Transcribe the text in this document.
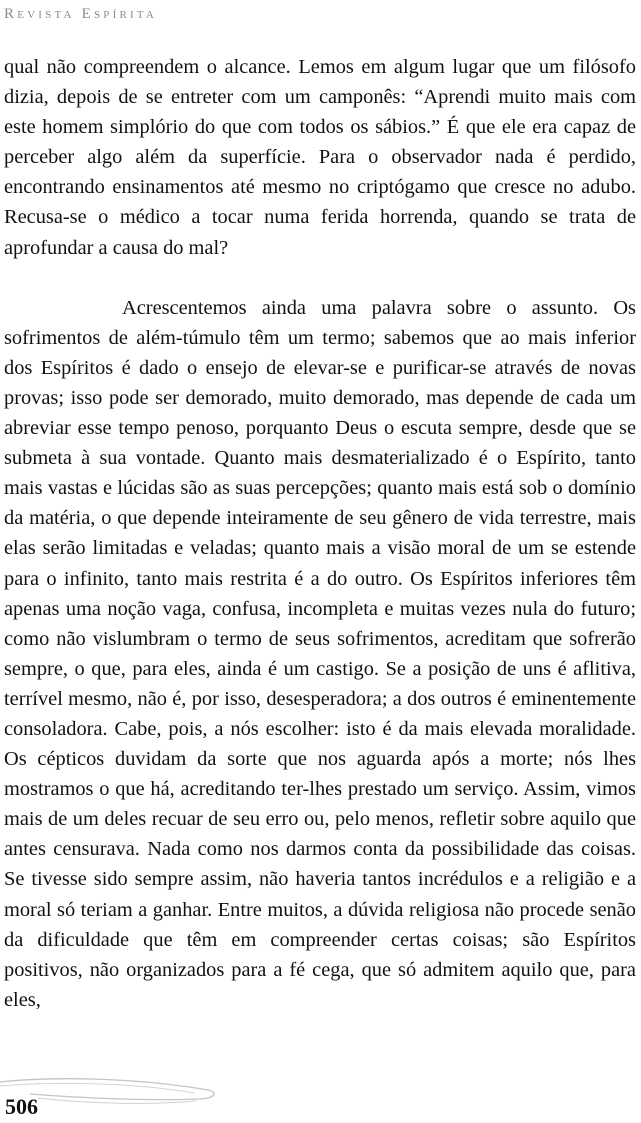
Revista Espírita

qual não compreendem o alcance. Lemos em algum lugar que um filósofo dizia, depois de se entreter com um camponês: “Aprendi muito mais com este homem simplório do que com todos os sábios.” É que ele era capaz de perceber algo além da superfície. Para o observador nada é perdido, encontrando ensinamentos até mesmo no criptógamo que cresce no adubo. Recusa-se o médico a tocar numa ferida horrenda, quando se trata de aprofundar a causa do mal?

Acrescentemos ainda uma palavra sobre o assunto. Os sofrimentos de além-túmulo têm um termo; sabemos que ao mais inferior dos Espíritos é dado o ensejo de elevar-se e purificar-se através de novas provas; isso pode ser demorado, muito demorado, mas depende de cada um abreviar esse tempo penoso, porquanto Deus o escuta sempre, desde que se submeta à sua vontade. Quanto mais desmaterializado é o Espírito, tanto mais vastas e lúcidas são as suas percepções; quanto mais está sob o domínio da matéria, o que depende inteiramente de seu gênero de vida terrestre, mais elas serão limitadas e veladas; quanto mais a visão moral de um se estende para o infinito, tanto mais restrita é a do outro. Os Espíritos inferiores têm apenas uma noção vaga, confusa, incompleta e muitas vezes nula do futuro; como não vislumbram o termo de seus sofrimentos, acreditam que sofrerão sempre, o que, para eles, ainda é um castigo. Se a posição de uns é aflitiva, terrível mesmo, não é, por isso, desesperadora; a dos outros é eminentemente consoladora. Cabe, pois, a nós escolher: isto é da mais elevada moralidade. Os cépticos duvidam da sorte que nos aguarda após a morte; nós lhes mostramos o que há, acreditando ter-lhes prestado um serviço. Assim, vimos mais de um deles recuar de seu erro ou, pelo menos, refletir sobre aquilo que antes censurava. Nada como nos darmos conta da possibilidade das coisas. Se tivesse sido sempre assim, não haveria tantos incrédulos e a religião e a moral só teriam a ganhar. Entre muitos, a dúvida religiosa não procede senão da dificuldade que têm em compreender certas coisas; são Espíritos positivos, não organizados para a fé cega, que só admitem aquilo que, para eles,

506
